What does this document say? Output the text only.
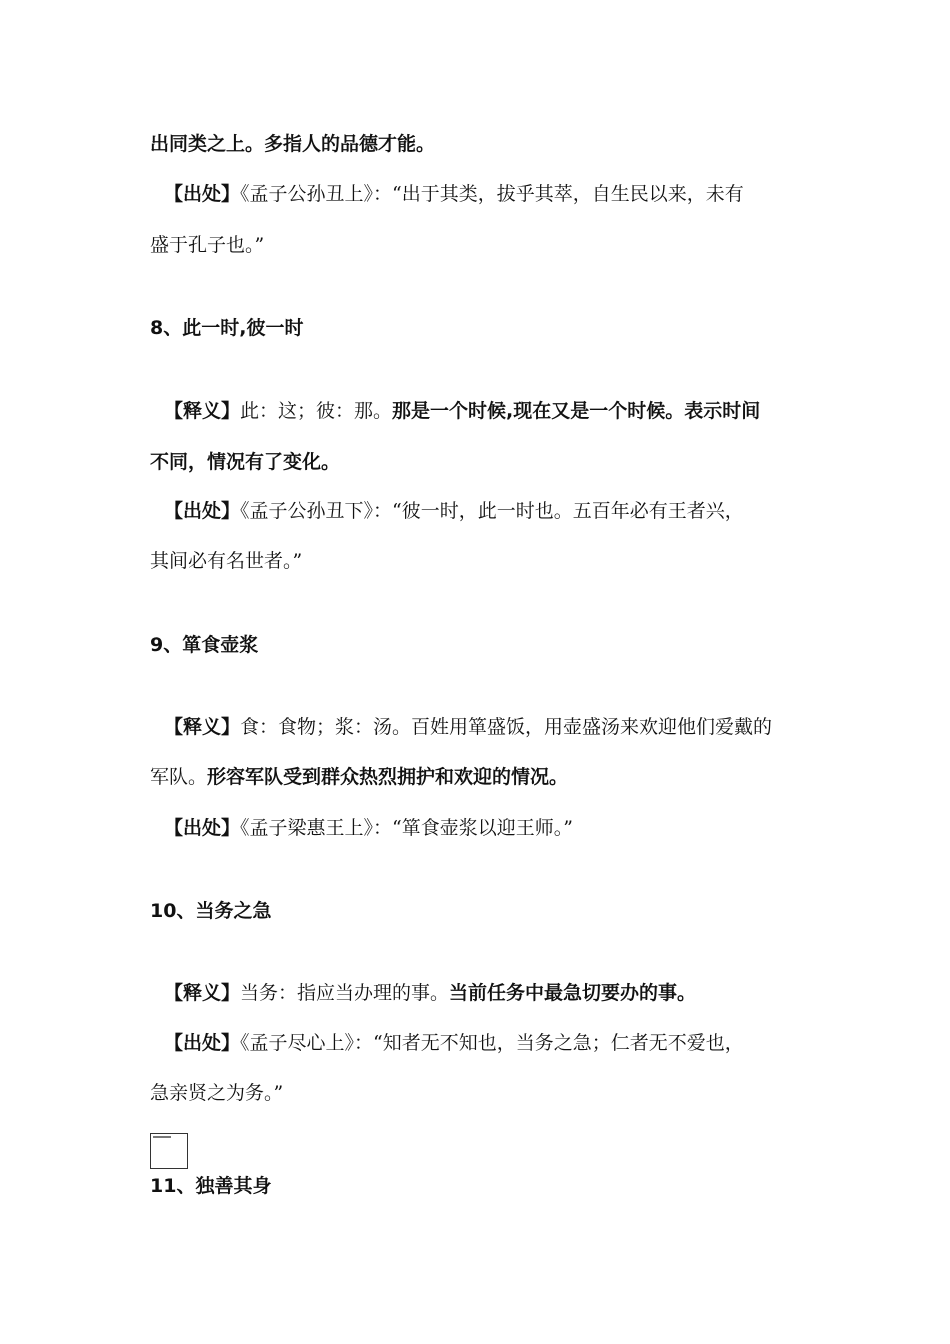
出同类之上。多指人的品德才能。
【出处】《孟子公孙丑上》：“出于其类，拔乎其萃，自生民以来，未有
盛于孔子也。”
8、此一时,彼一时
【释义】此：这；彼：那。那是一个时候,现在又是一个时候。表示时间
不同，情况有了变化。
【出处】《孟子公孙丑下》：“彼一时，此一时也。五百年必有王者兴，
其间必有名世者。”
9、箪食壶浆
【释义】食：食物；浆：汤。百姓用箪盛饭，用壶盛汤来欢迎他们爱戴的
军队。形容军队受到群众热烈拥护和欢迎的情况。
【出处】《孟子梁惠王上》：“箪食壶浆以迎王师。”
10、当务之急
【释义】当务：指应当办理的事。当前任务中最急切要办的事。
【出处】《孟子尽心上》：“知者无不知也，当务之急；仁者无不爱也，
急亲贤之为务。”
11、独善其身
